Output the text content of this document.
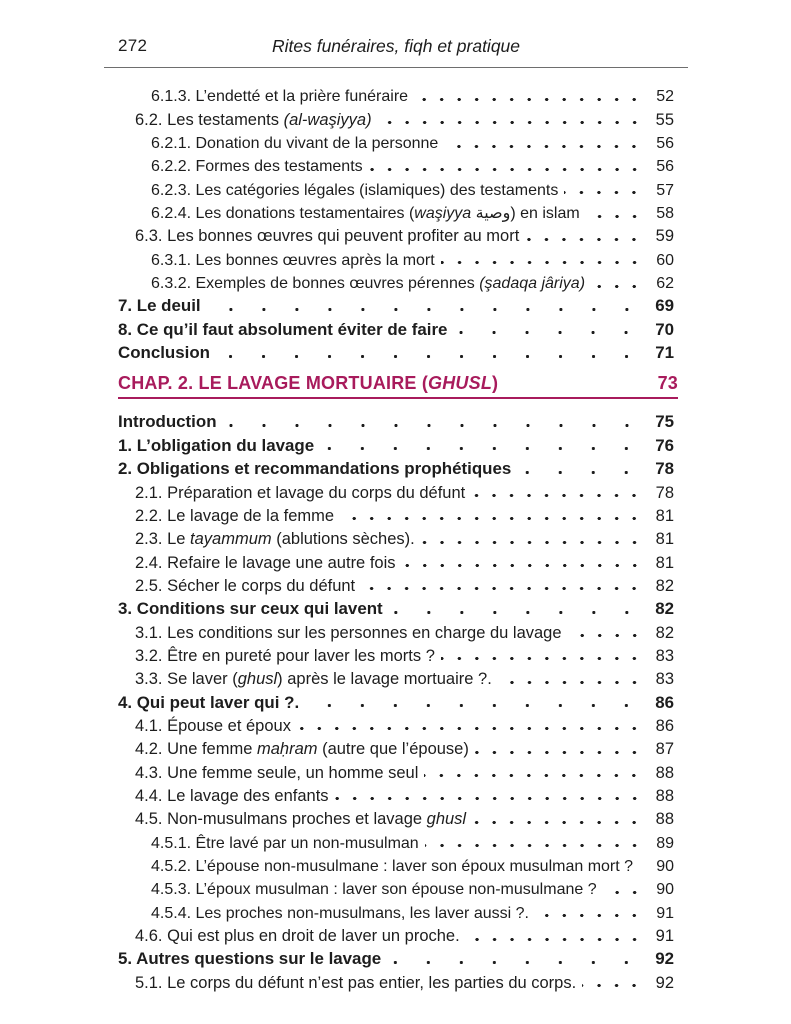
272	Rites funéraires, fiqh et pratique
6.1.3. L’endetté et la prière funéraire	52
6.2. Les testaments (al-waşiyya)	55
6.2.1. Donation du vivant de la personne	56
6.2.2. Formes des testaments	56
6.2.3. Les catégories légales (islamiques) des testaments	57
6.2.4. Les donations testamentaires (waşiyya وصية) en islam	58
6.3. Les bonnes œuvres qui peuvent profiter au mort	59
6.3.1. Les bonnes œuvres après la mort	60
6.3.2. Exemples de bonnes œuvres pérennes (şadaqa jâriya)	62
7. Le deuil	69
8. Ce qu’il faut absolument éviter de faire	70
Conclusion	71
CHAP. 2. LE LAVAGE MORTUAIRE (GHUSL)	73
Introduction	75
1. L’obligation du lavage	76
2. Obligations et recommandations prophétiques	78
2.1. Préparation et lavage du corps du défunt	78
2.2. Le lavage de la femme	81
2.3. Le tayammum (ablutions sèches).	81
2.4. Refaire le lavage une autre fois	81
2.5. Sécher le corps du défunt	82
3. Conditions sur ceux qui lavent	82
3.1. Les conditions sur les personnes en charge du lavage	82
3.2. Être en pureté pour laver les morts ?	83
3.3. Se laver (ghusl) après le lavage mortuaire ?.	83
4. Qui peut laver qui ?.	86
4.1. Épouse et époux	86
4.2. Une femme maḥram (autre que l’épouse)	87
4.3. Une femme seule, un homme seul	88
4.4. Le lavage des enfants	88
4.5. Non-musulmans proches et lavage ghusl	88
4.5.1. Être lavé par un non-musulman	89
4.5.2. L’épouse non-musulmane : laver son époux musulman mort ?	90
4.5.3. L’époux musulman : laver son épouse non-musulmane ?	90
4.5.4. Les proches non-musulmans, les laver aussi ?.	91
4.6. Qui est plus en droit de laver un proche.	91
5. Autres questions sur le lavage	92
5.1. Le corps du défunt n’est pas entier, les parties du corps.	92
